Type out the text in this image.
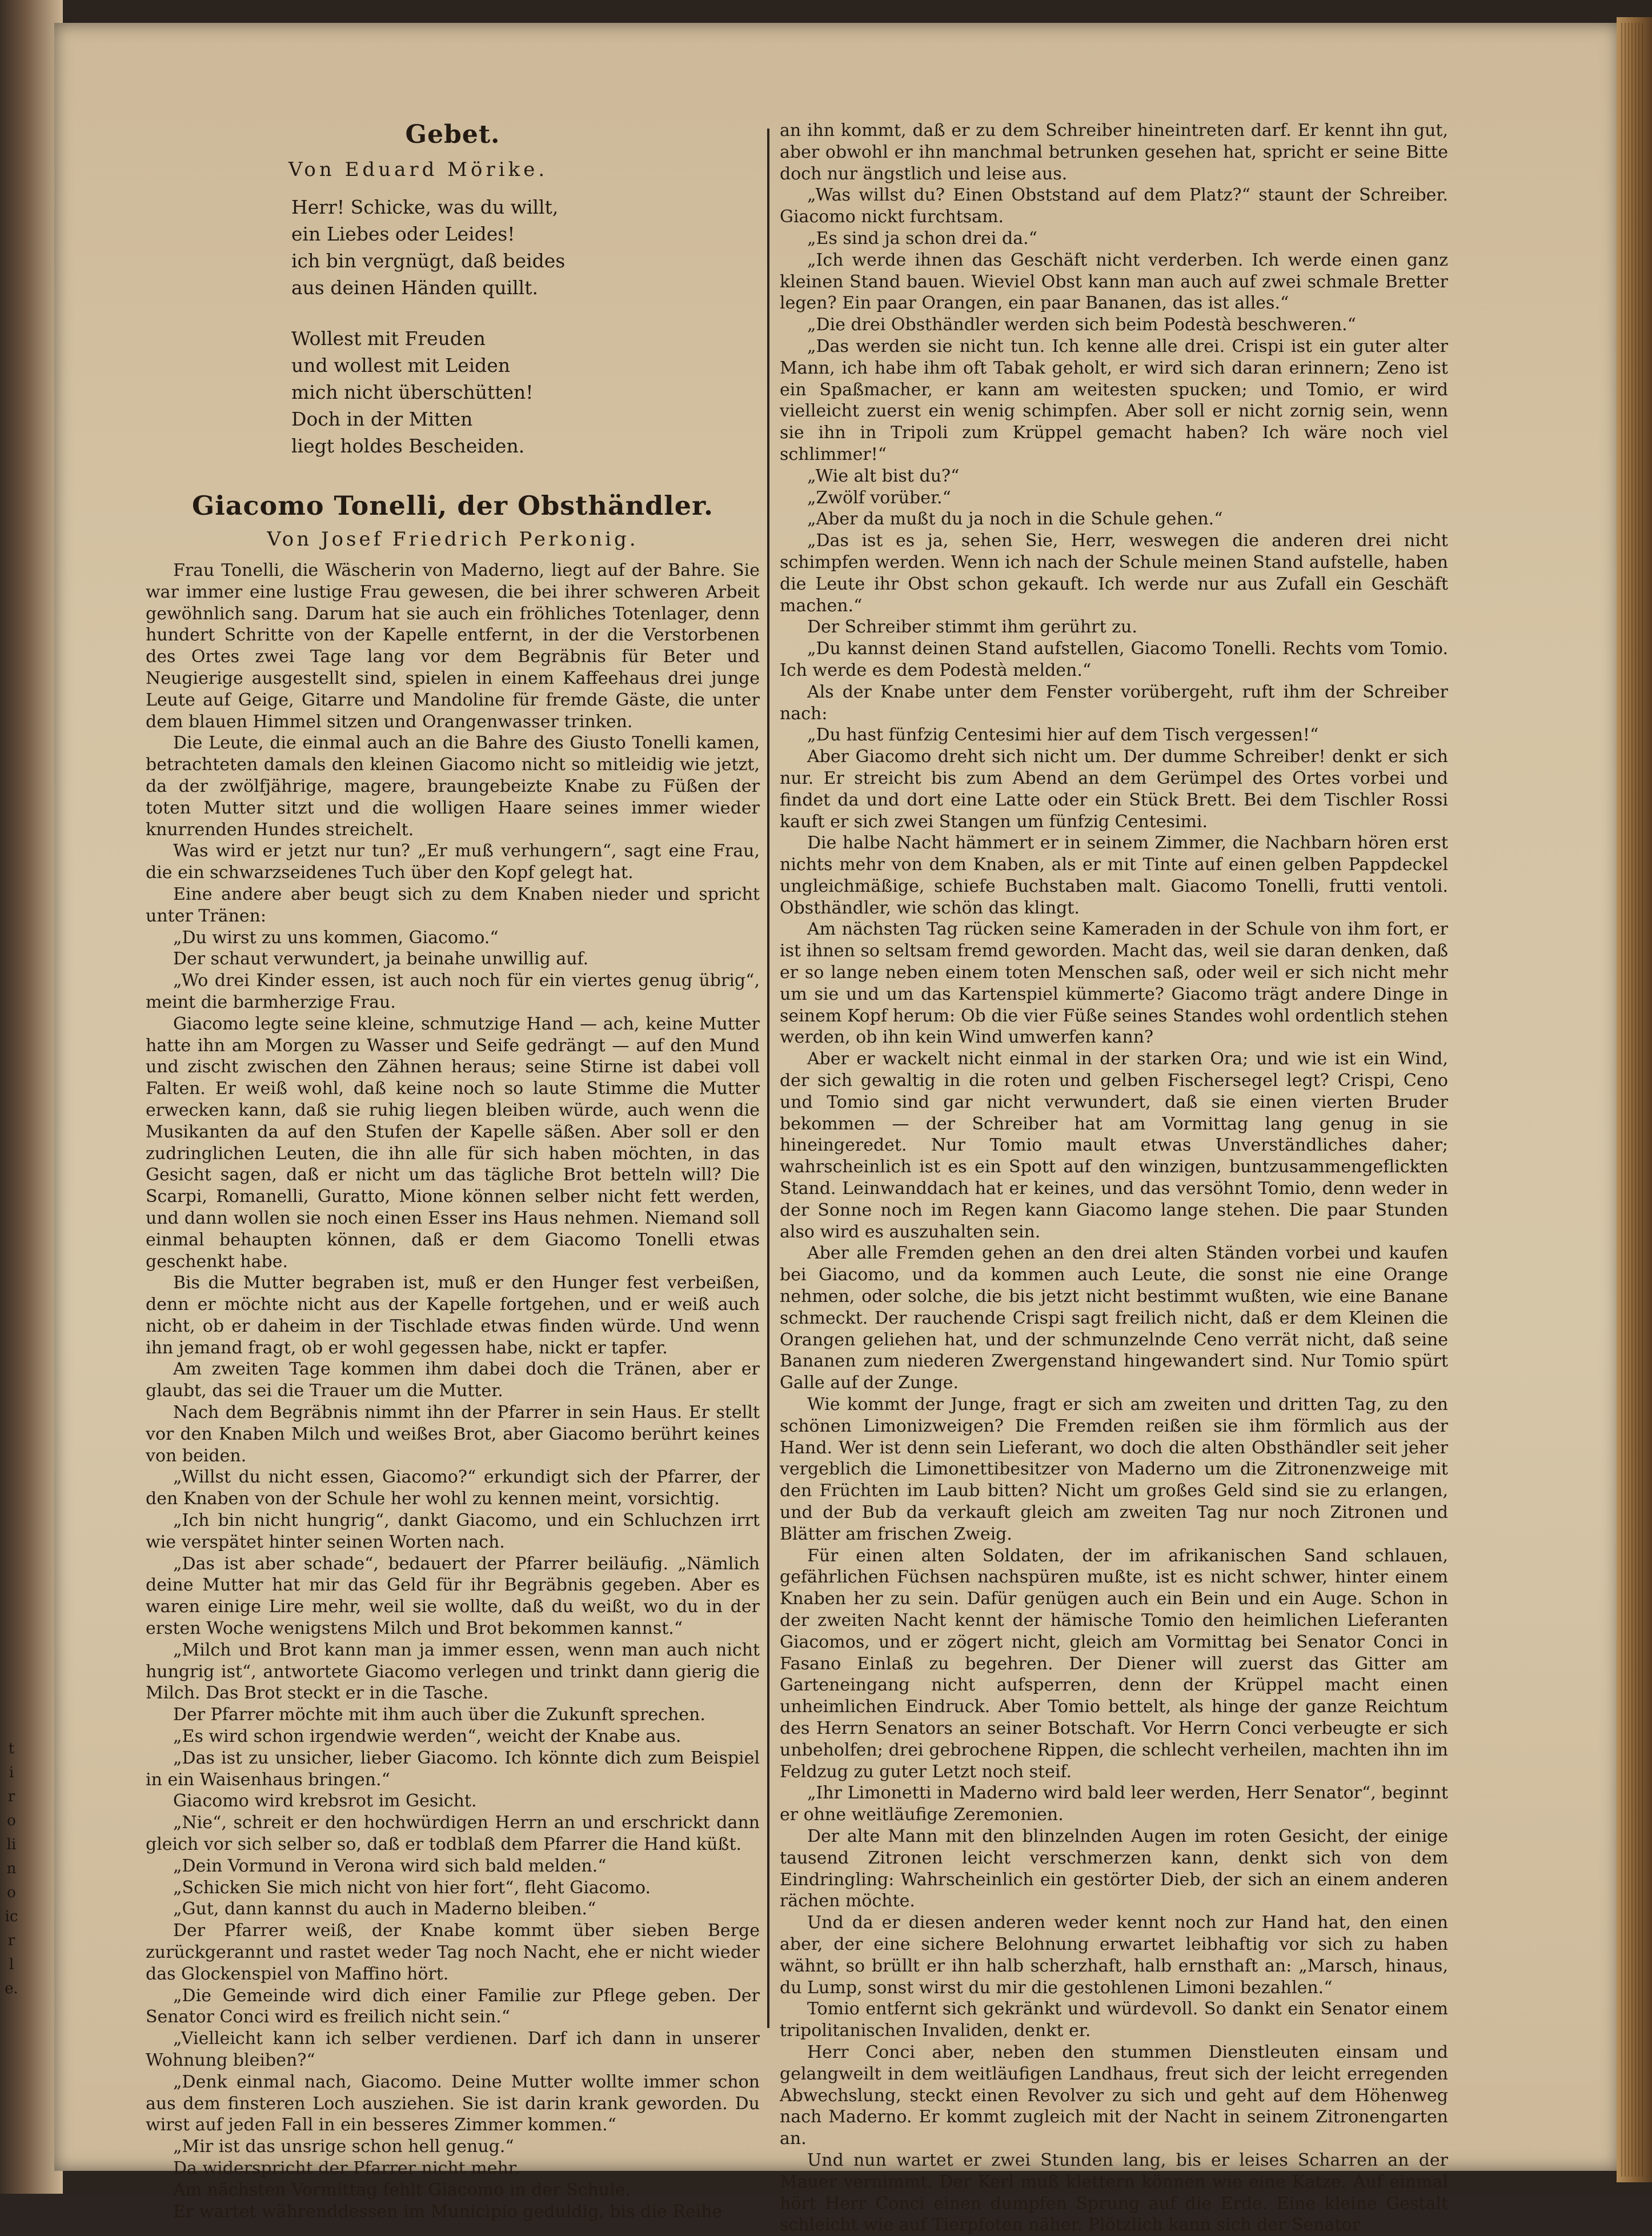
t
i
r
o
li
n
o
ic
r
l
e.
Gebet.
Von Eduard Mörike.
Herr! Schicke, was du willt,
ein Liebes oder Leides!
ich bin vergnügt, daß beides
aus deinen Händen quillt.
Wollest mit Freuden
und wollest mit Leiden
mich nicht überschütten!
Doch in der Mitten
liegt holdes Bescheiden.
Giacomo Tonelli, der Obsthändler.
Von Josef Friedrich Perkonig.

Frau Tonelli, die Wäscherin von Maderno, liegt auf der Bahre. Sie war immer eine lustige Frau gewesen, die bei ihrer schweren Arbeit gewöhnlich sang. Darum hat sie auch ein fröhliches Totenlager, denn hundert Schritte von der Kapelle entfernt, in der die Verstorbenen des Ortes zwei Tage lang vor dem Begräbnis für Beter und Neugierige ausgestellt sind, spielen in einem Kaffeehaus drei junge Leute auf Geige, Gitarre und Mandoline für fremde Gäste, die unter dem blauen Himmel sitzen und Orangenwasser trinken.

Die Leute, die einmal auch an die Bahre des Giusto Tonelli kamen, betrachteten damals den kleinen Giacomo nicht so mitleidig wie jetzt, da der zwölfjährige, magere, braungebeizte Knabe zu Füßen der toten Mutter sitzt und die wolligen Haare seines immer wieder knurrenden Hundes streichelt.

Was wird er jetzt nur tun? „Er muß verhungern“, sagt eine Frau, die ein schwarzseidenes Tuch über den Kopf gelegt hat.

Eine andere aber beugt sich zu dem Knaben nieder und spricht unter Tränen:

„Du wirst zu uns kommen, Giacomo.“

Der schaut verwundert, ja beinahe unwillig auf.

„Wo drei Kinder essen, ist auch noch für ein viertes genug übrig“, meint die barmherzige Frau.

Giacomo legte seine kleine, schmutzige Hand — ach, keine Mutter hatte ihn am Morgen zu Wasser und Seife gedrängt — auf den Mund und zischt zwischen den Zähnen heraus; seine Stirne ist dabei voll Falten. Er weiß wohl, daß keine noch so laute Stimme die Mutter erwecken kann, daß sie ruhig liegen bleiben würde, auch wenn die Musikanten da auf den Stufen der Kapelle säßen. Aber soll er den zudringlichen Leuten, die ihn alle für sich haben möchten, in das Gesicht sagen, daß er nicht um das tägliche Brot betteln will? Die Scarpi, Romanelli, Guratto, Mione können selber nicht fett werden, und dann wollen sie noch einen Esser ins Haus nehmen. Niemand soll einmal behaupten können, daß er dem Giacomo Tonelli etwas geschenkt habe.

Bis die Mutter begraben ist, muß er den Hunger fest verbeißen, denn er möchte nicht aus der Kapelle fortgehen, und er weiß auch nicht, ob er daheim in der Tischlade etwas finden würde. Und wenn ihn jemand fragt, ob er wohl gegessen habe, nickt er tapfer.

Am zweiten Tage kommen ihm dabei doch die Tränen, aber er glaubt, das sei die Trauer um die Mutter.

Nach dem Begräbnis nimmt ihn der Pfarrer in sein Haus. Er stellt vor den Knaben Milch und weißes Brot, aber Giacomo berührt keines von beiden.

„Willst du nicht essen, Giacomo?“ erkundigt sich der Pfarrer, der den Knaben von der Schule her wohl zu kennen meint, vorsichtig.

„Ich bin nicht hungrig“, dankt Giacomo, und ein Schluchzen irrt wie verspätet hinter seinen Worten nach.

„Das ist aber schade“, bedauert der Pfarrer beiläufig. „Nämlich deine Mutter hat mir das Geld für ihr Begräbnis gegeben. Aber es waren einige Lire mehr, weil sie wollte, daß du weißt, wo du in der ersten Woche wenigstens Milch und Brot bekommen kannst.“

„Milch und Brot kann man ja immer essen, wenn man auch nicht hungrig ist“, antwortete Giacomo verlegen und trinkt dann gierig die Milch. Das Brot steckt er in die Tasche.

Der Pfarrer möchte mit ihm auch über die Zukunft sprechen.

„Es wird schon irgendwie werden“, weicht der Knabe aus.

„Das ist zu unsicher, lieber Giacomo. Ich könnte dich zum Beispiel in ein Waisenhaus bringen.“

Giacomo wird krebsrot im Gesicht.

„Nie“, schreit er den hochwürdigen Herrn an und erschrickt dann gleich vor sich selber so, daß er todblaß dem Pfarrer die Hand küßt.

„Dein Vormund in Verona wird sich bald melden.“

„Schicken Sie mich nicht von hier fort“, fleht Giacomo.

„Gut, dann kannst du auch in Maderno bleiben.“

Der Pfarrer weiß, der Knabe kommt über sieben Berge zurückgerannt und rastet weder Tag noch Nacht, ehe er nicht wieder das Glockenspiel von Maffino hört.

„Die Gemeinde wird dich einer Familie zur Pflege geben. Der Senator Conci wird es freilich nicht sein.“

„Vielleicht kann ich selber verdienen. Darf ich dann in unserer Wohnung bleiben?“

„Denk einmal nach, Giacomo. Deine Mutter wollte immer schon aus dem finsteren Loch ausziehen. Sie ist darin krank geworden. Du wirst auf jeden Fall in ein besseres Zimmer kommen.“

„Mir ist das unsrige schon hell genug.“

Da widerspricht der Pfarrer nicht mehr.

Am nächsten Vormittag fehlt Giacomo in der Schule.

Er wartet währenddessen im Municipio geduldig, bis die Reihe

an ihn kommt, daß er zu dem Schreiber hineintreten darf. Er kennt ihn gut, aber obwohl er ihn manchmal betrunken gesehen hat, spricht er seine Bitte doch nur ängstlich und leise aus.

„Was willst du? Einen Obststand auf dem Platz?“ staunt der Schreiber. Giacomo nickt furchtsam.

„Es sind ja schon drei da.“

„Ich werde ihnen das Geschäft nicht verderben. Ich werde einen ganz kleinen Stand bauen. Wieviel Obst kann man auch auf zwei schmale Bretter legen? Ein paar Orangen, ein paar Bananen, das ist alles.“

„Die drei Obsthändler werden sich beim Podestà beschweren.“

„Das werden sie nicht tun. Ich kenne alle drei. Crispi ist ein guter alter Mann, ich habe ihm oft Tabak geholt, er wird sich daran erinnern; Zeno ist ein Spaßmacher, er kann am weitesten spucken; und Tomio, er wird vielleicht zuerst ein wenig schimpfen. Aber soll er nicht zornig sein, wenn sie ihn in Tripoli zum Krüppel gemacht haben? Ich wäre noch viel schlimmer!“

„Wie alt bist du?“

„Zwölf vorüber.“

„Aber da mußt du ja noch in die Schule gehen.“

„Das ist es ja, sehen Sie, Herr, weswegen die anderen drei nicht schimpfen werden. Wenn ich nach der Schule meinen Stand aufstelle, haben die Leute ihr Obst schon gekauft. Ich werde nur aus Zufall ein Geschäft machen.“

Der Schreiber stimmt ihm gerührt zu.

„Du kannst deinen Stand aufstellen, Giacomo Tonelli. Rechts vom Tomio. Ich werde es dem Podestà melden.“

Als der Knabe unter dem Fenster vorübergeht, ruft ihm der Schreiber nach:

„Du hast fünfzig Centesimi hier auf dem Tisch vergessen!“

Aber Giacomo dreht sich nicht um. Der dumme Schreiber! denkt er sich nur. Er streicht bis zum Abend an dem Gerümpel des Ortes vorbei und findet da und dort eine Latte oder ein Stück Brett. Bei dem Tischler Rossi kauft er sich zwei Stangen um fünfzig Centesimi.

Die halbe Nacht hämmert er in seinem Zimmer, die Nachbarn hören erst nichts mehr von dem Knaben, als er mit Tinte auf einen gelben Pappdeckel ungleichmäßige, schiefe Buchstaben malt. Giacomo Tonelli, frutti ventoli. Obsthändler, wie schön das klingt.

Am nächsten Tag rücken seine Kameraden in der Schule von ihm fort, er ist ihnen so seltsam fremd geworden. Macht das, weil sie daran denken, daß er so lange neben einem toten Menschen saß, oder weil er sich nicht mehr um sie und um das Kartenspiel kümmerte? Giacomo trägt andere Dinge in seinem Kopf herum: Ob die vier Füße seines Standes wohl ordentlich stehen werden, ob ihn kein Wind umwerfen kann?

Aber er wackelt nicht einmal in der starken Ora; und wie ist ein Wind, der sich gewaltig in die roten und gelben Fischersegel legt? Crispi, Ceno und Tomio sind gar nicht verwundert, daß sie einen vierten Bruder bekommen — der Schreiber hat am Vormittag lang genug in sie hineingeredet. Nur Tomio mault etwas Unverständliches daher; wahrscheinlich ist es ein Spott auf den winzigen, buntzusammengeflickten Stand. Leinwanddach hat er keines, und das versöhnt Tomio, denn weder in der Sonne noch im Regen kann Giacomo lange stehen. Die paar Stunden also wird es auszuhalten sein.

Aber alle Fremden gehen an den drei alten Ständen vorbei und kaufen bei Giacomo, und da kommen auch Leute, die sonst nie eine Orange nehmen, oder solche, die bis jetzt nicht bestimmt wußten, wie eine Banane schmeckt. Der rauchende Crispi sagt freilich nicht, daß er dem Kleinen die Orangen geliehen hat, und der schmunzelnde Ceno verrät nicht, daß seine Bananen zum niederen Zwergenstand hingewandert sind. Nur Tomio spürt Galle auf der Zunge.

Wie kommt der Junge, fragt er sich am zweiten und dritten Tag, zu den schönen Limonizweigen? Die Fremden reißen sie ihm förmlich aus der Hand. Wer ist denn sein Lieferant, wo doch die alten Obsthändler seit jeher vergeblich die Limonettibesitzer von Maderno um die Zitronenzweige mit den Früchten im Laub bitten? Nicht um großes Geld sind sie zu erlangen, und der Bub da verkauft gleich am zweiten Tag nur noch Zitronen und Blätter am frischen Zweig.

Für einen alten Soldaten, der im afrikanischen Sand schlauen, gefährlichen Füchsen nachspüren mußte, ist es nicht schwer, hinter einem Knaben her zu sein. Dafür genügen auch ein Bein und ein Auge. Schon in der zweiten Nacht kennt der hämische Tomio den heimlichen Lieferanten Giacomos, und er zögert nicht, gleich am Vormittag bei Senator Conci in Fasano Einlaß zu begehren. Der Diener will zuerst das Gitter am Garteneingang nicht aufsperren, denn der Krüppel macht einen unheimlichen Eindruck. Aber Tomio bettelt, als hinge der ganze Reichtum des Herrn Senators an seiner Botschaft. Vor Herrn Conci verbeugte er sich unbeholfen; drei gebrochene Rippen, die schlecht verheilen, machten ihn im Feldzug zu guter Letzt noch steif.

„Ihr Limonetti in Maderno wird bald leer werden, Herr Senator“, beginnt er ohne weitläufige Zeremonien.

Der alte Mann mit den blinzelnden Augen im roten Gesicht, der einige tausend Zitronen leicht verschmerzen kann, denkt sich von dem Eindringling: Wahrscheinlich ein gestörter Dieb, der sich an einem anderen rächen möchte.

Und da er diesen anderen weder kennt noch zur Hand hat, den einen aber, der eine sichere Belohnung erwartet leibhaftig vor sich zu haben wähnt, so brüllt er ihn halb scherzhaft, halb ernsthaft an: „Marsch, hinaus, du Lump, sonst wirst du mir die gestohlenen Limoni bezahlen.“

Tomio entfernt sich gekränkt und würdevoll. So dankt ein Senator einem tripolitanischen Invaliden, denkt er.

Herr Conci aber, neben den stummen Dienstleuten einsam und gelangweilt in dem weitläufigen Landhaus, freut sich der leicht erregenden Abwechslung, steckt einen Revolver zu sich und geht auf dem Höhenweg nach Maderno. Er kommt zugleich mit der Nacht in seinem Zitronengarten an.

Und nun wartet er zwei Stunden lang, bis er leises Scharren an der Mauer vernimmt. Der Kerl muß klettern können wie eine Katze. Auf einmal hört Herr Conci einen dumpfen Sprung auf die Erde. Eine kleine Gestalt schleicht wie auf Tierpfoten näher. Plötzlich kann sich der Senator
